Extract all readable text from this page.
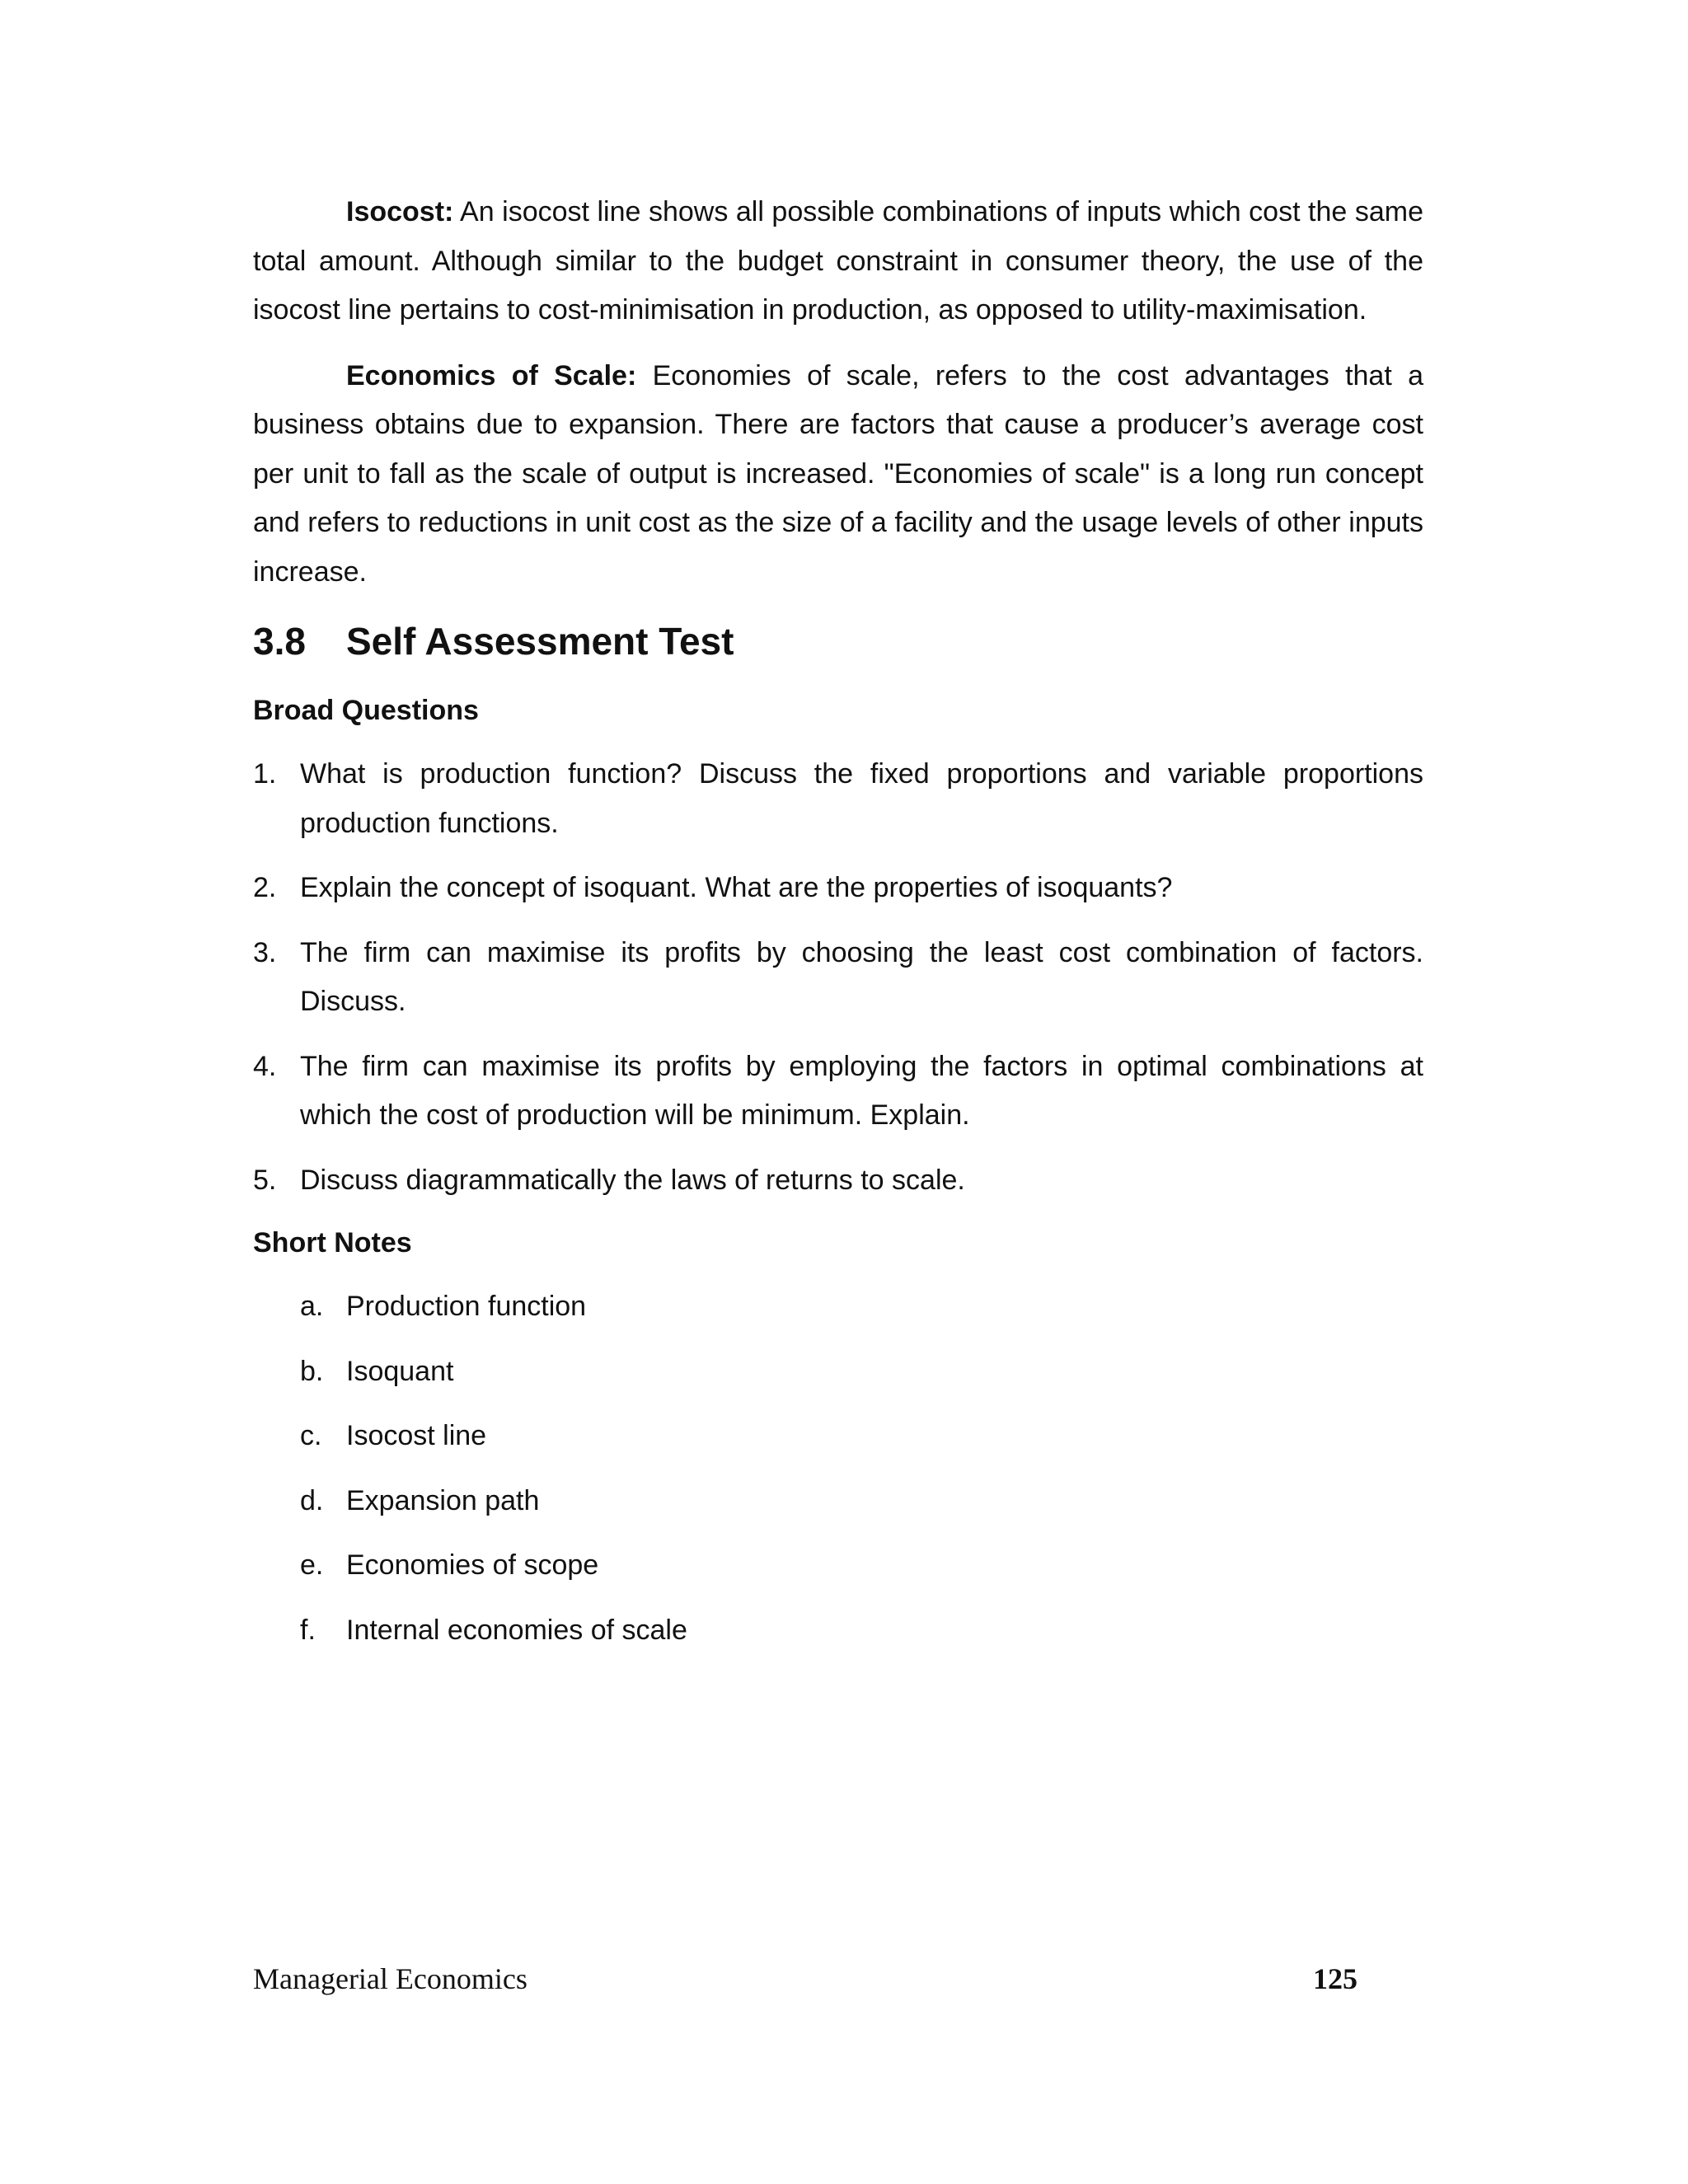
Isocost: An isocost line shows all possible combinations of inputs which cost the same total amount. Although similar to the budget constraint in consumer theory, the use of the isocost line pertains to cost-minimisation in production, as opposed to utility-maximisation.

Economics of Scale: Economies of scale, refers to the cost advantages that a business obtains due to expansion. There are factors that cause a producer’s average cost per unit to fall as the scale of output is increased. "Economies of scale" is a long run concept and refers to reductions in unit cost as the size of a facility and the usage levels of other inputs increase.

3.8	Self Assessment Test
Broad Questions
1. What is production function? Discuss the fixed proportions and variable proportions production functions.
2. Explain the concept of isoquant. What are the properties of isoquants?
3. The firm can maximise its profits by choosing the least cost combination of factors. Discuss.
4. The firm can maximise its profits by employing the factors in optimal combinations at which the cost of production will be minimum. Explain.
5. Discuss diagrammatically the laws of returns to scale.
Short Notes
a. Production function
b. Isoquant
c. Isocost line
d. Expansion path
e. Economies of scope
f.	Internal economies of scale
Managerial Economics	125
